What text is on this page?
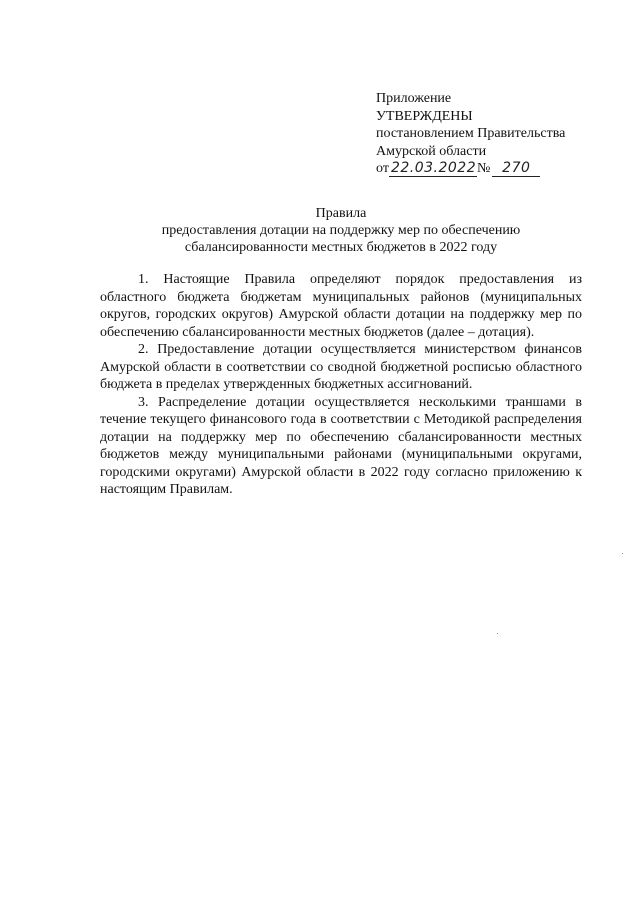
Приложение
УТВЕРЖДЕНЫ
постановлением Правительства
Амурской области
от 22.03.2022№ 270
Правила
предоставления дотации на поддержку мер по обеспечению
сбалансированности местных бюджетов в 2022 году

1. Настоящие Правила определяют порядок предоставления из областного бюджета бюджетам муниципальных районов (муниципальных округов, городских округов) Амурской области дотации на поддержку мер по обеспечению сбалансированности местных бюджетов (далее – дотация).

2. Предоставление дотации осуществляется министерством финансов Амурской области в соответствии со сводной бюджетной росписью областного бюджета в пределах утвержденных бюджетных ассигнований.

3. Распределение дотации осуществляется несколькими траншами в течение текущего финансового года в соответствии с Методикой распределения дотации на поддержку мер по обеспечению сбалансированности местных бюджетов между муниципальными районами (муниципальными округами, городскими округами) Амурской области в 2022 году согласно приложению к настоящим Правилам.
